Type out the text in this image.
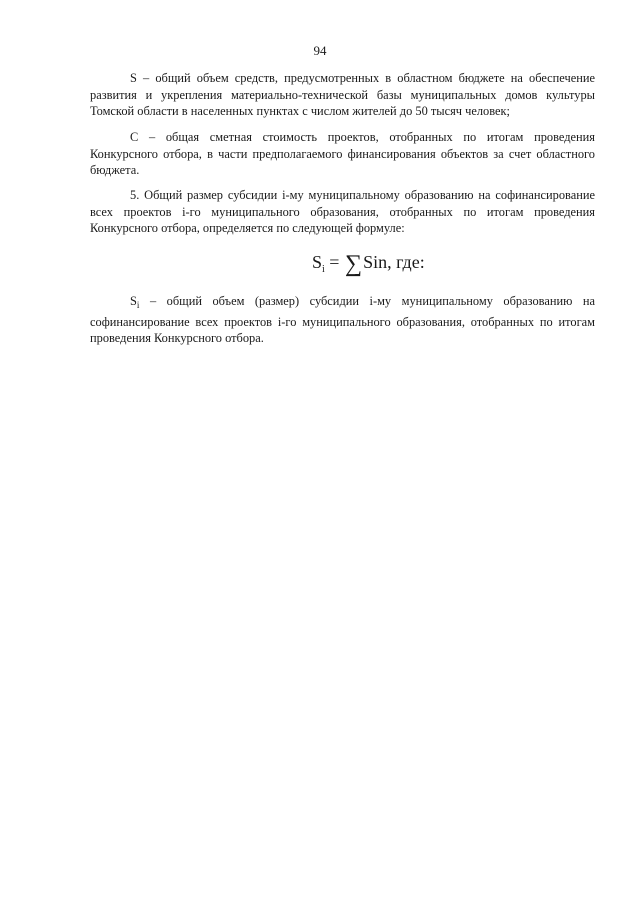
94

S – общий объем средств, предусмотренных в областном бюджете на обеспечение развития и укрепления материально-технической базы муниципальных домов культуры Томской области в населенных пунктах с числом жителей до 50 тысяч человек;

C – общая сметная стоимость проектов, отобранных по итогам проведения Конкурсного отбора, в части предполагаемого финансирования объектов за счет областного бюджета.

5. Общий размер субсидии i-му муниципальному образованию на софинансирование всех проектов i-го муниципального образования, отобранных по итогам проведения Конкурсного отбора, определяется по следующей формуле:

$S_i = \sum Sin$, где:

$S_i$ – общий объем (размер) субсидии i-му муниципальному образованию на софинансирование всех проектов i-го муниципального образования, отобранных по итогам проведения Конкурсного отбора.
